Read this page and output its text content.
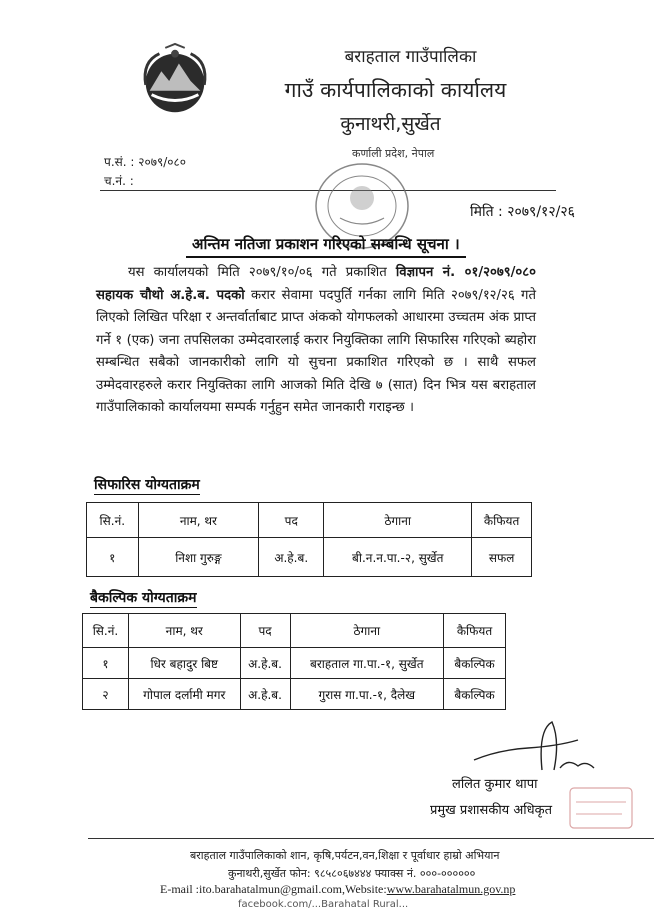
बराहताल गाउँपालिका
गाउँ कार्यपालिकाको कार्यालय
कुनाथरी,सुर्खेत
कर्णाली प्रदेश, नेपाल
प.सं. : २०७९/०८०
च.नं. :
मिति : २०७९/१२/२६
अन्तिम नतिजा प्रकाशन गरिएको सम्बन्धि सूचना ।
यस कार्यालयको मिति २०७९/१०/०६ गते प्रकाशित विज्ञापन नं. ०१/२०७९/०८० सहायक चौथो अ.हे.ब. पदको करार सेवामा पदपुर्ति गर्नका लागि मिति २०७९/१२/२६ गते लिएको लिखित परिक्षा र अन्तर्वार्ताबाट प्राप्त अंकको योगफलको आधारमा उच्चतम अंक प्राप्त गर्ने १ (एक) जना तपसिलका उम्मेदवारलाई करार नियुक्तिका लागि सिफारिस गरिएको ब्यहोरा सम्बन्धित सबैको जानकारीको लागि यो सुचना प्रकाशित गरिएको छ । साथै सफल उम्मेदवारहरुले करार नियुक्तिका लागि आजको मिति देखि ७ (सात) दिन भित्र यस बराहताल गाउँपालिकाको कार्यालयमा सम्पर्क गर्नुहुन समेत जानकारी गराइन्छ ।
सिफारिस योग्यताक्रम
सि.नं.	नाम, थर	पद	ठेगाना	कैफियत
१	निशा गुरुङ्ग	अ.हे.ब.	बी.न.न.पा.-२, सुर्खेत	सफल
बैकल्पिक योग्यताक्रम
सि.नं.	नाम, थर	पद	ठेगाना	कैफियत
१	धिर बहादुर बिष्ट	अ.हे.ब.	बराहताल गा.पा.-१, सुर्खेत	बैकल्पिक
२	गोपाल दर्लामी मगर	अ.हे.ब.	गुरास गा.पा.-१, दैलेख	बैकल्पिक
ललित कुमार थापा
प्रमुख प्रशासकीय अधिकृत
बराहताल गाउँपालिकाको शान, कृषि,पर्यटन,वन,शिक्षा र पूर्वाधार हाम्रो अभियान
कुनाथरी,सुर्खेत फोन: ९८५८०६७४४४ फ्याक्स नं. ०००-००००००
E-mail :ito.barahatalmun@gmail.com,Website:www.barahatalmun.gov.np
facebook.com/...Barahatal Rural...
